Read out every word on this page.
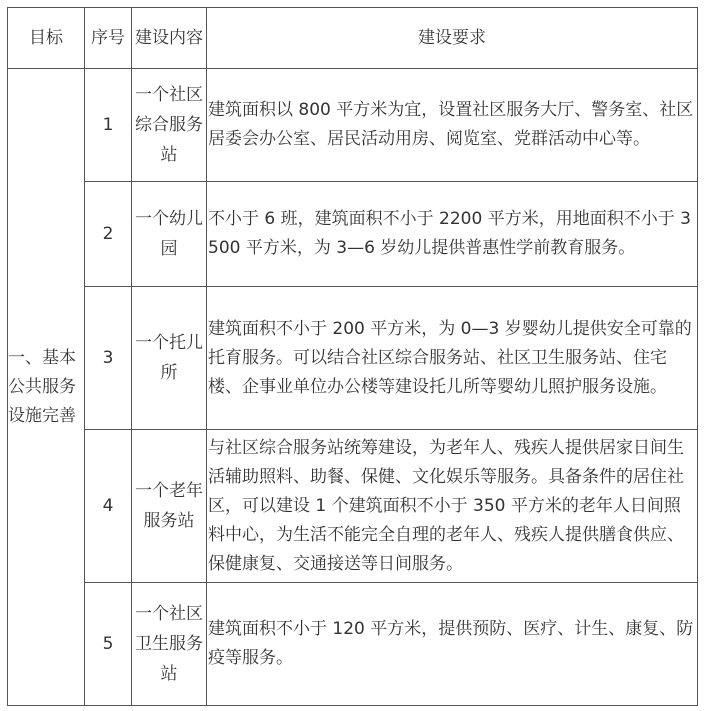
目标	序号	建设内容	建设要求
一、基本公共服务设施完善	1	一个社区综合服务站	建筑面积以 800 平方米为宜，设置社区服务大厅、警务室、社区居委会办公室、居民活动用房、阅览室、党群活动中心等。
	2	一个幼儿园	不小于 6 班，建筑面积不小于 2200 平方米，用地面积不小于 3500 平方米，为 3—6 岁幼儿提供普惠性学前教育服务。
	3	一个托儿所	建筑面积不小于 200 平方米，为 0—3 岁婴幼儿提供安全可靠的托育服务。可以结合社区综合服务站、社区卫生服务站、住宅楼、企事业单位办公楼等建设托儿所等婴幼儿照护服务设施。
	4	一个老年服务站	与社区综合服务站统筹建设，为老年人、残疾人提供居家日间生活辅助照料、助餐、保健、文化娱乐等服务。具备条件的居住社区，可以建设 1 个建筑面积不小于 350 平方米的老年人日间照料中心，为生活不能完全自理的老年人、残疾人提供膳食供应、保健康复、交通接送等日间服务。
	5	一个社区卫生服务站	建筑面积不小于 120 平方米，提供预防、医疗、计生、康复、防疫等服务。
